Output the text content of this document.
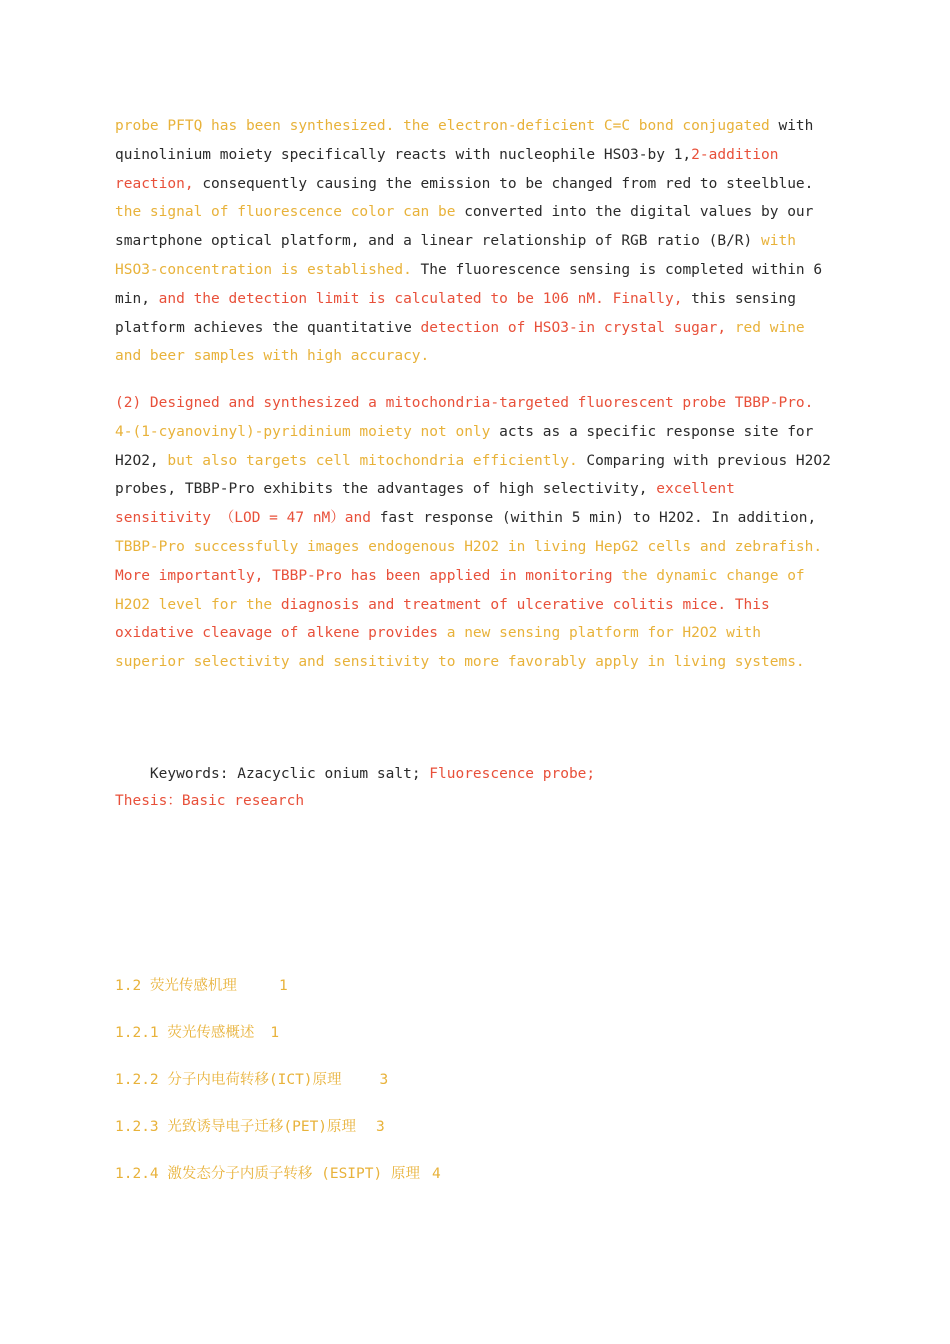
probe PFTQ has been synthesized. the electron-deficient C=C bond conjugated with quinolinium moiety specifically reacts with nucleophile HSO3-by 1,2-addition reaction, consequently causing the emission to be changed from red to steelblue. the signal of fluorescence color can be converted into the digital values by our smartphone optical platform, and a linear relationship of RGB ratio (B/R) with HSO3-concentration is established. The fluorescence sensing is completed within 6 min, and the detection limit is calculated to be 106 nM. Finally, this sensing platform achieves the quantitative detection of HSO3-in crystal sugar, red wine and beer samples with high accuracy.

(2) Designed and synthesized a mitochondria-targeted fluorescent probe TBBP-Pro. 4-(1-cyanovinyl)-pyridinium moiety not only acts as a specific response site for H2O2, but also targets cell mitochondria efficiently. Comparing with previous H2O2 probes, TBBP-Pro exhibits the advantages of high selectivity, excellent sensitivity （LOD = 47 nM）and fast response (within 5 min) to H2O2. In addition, TBBP-Pro successfully images endogenous H2O2 in living HepG2 cells and zebrafish. More importantly, TBBP-Pro has been applied in monitoring the dynamic change of H2O2 level for the diagnosis and treatment of ulcerative colitis mice. This oxidative cleavage of alkene provides a new sensing platform for H2O2 with superior selectivity and sensitivity to more favorably apply in living systems.

Keywords: Azacyclic onium salt; Fluorescence probe;

Thesis：Basic research

1.2 荧光传感机理	1
1.2.1 荧光传感概述 1
1.2.2 分子内电荷转移(ICT)原理	3
1.2.3 光致诱导电子迁移(PET)原理 3
1.2.4 激发态分子内质子转移 (ESIPT) 原理 4
